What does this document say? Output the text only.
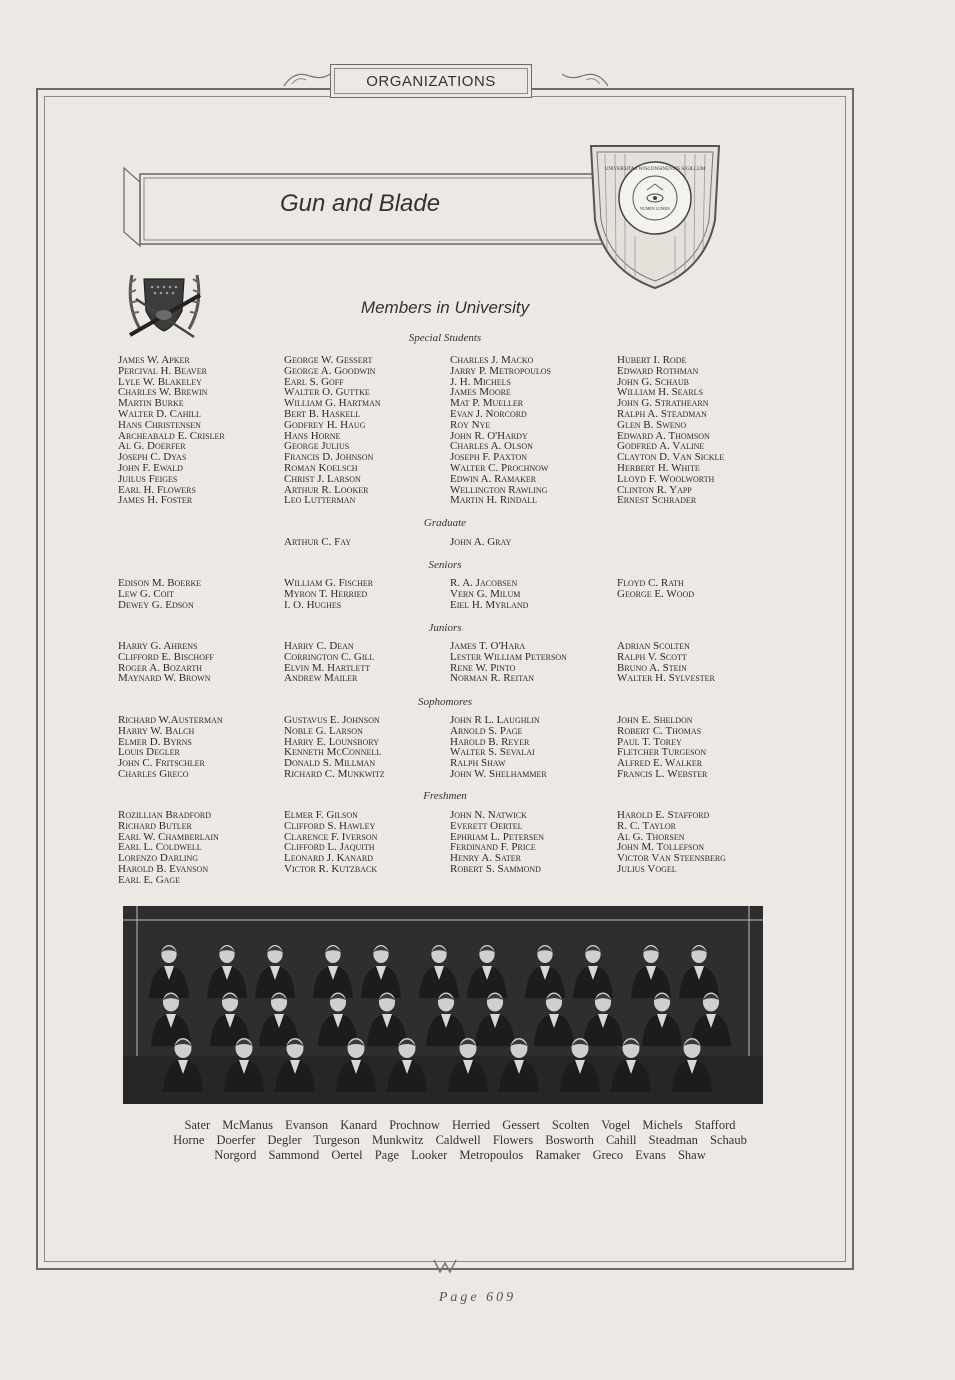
ORGANIZATIONS
Gun and Blade
UNIVERSITAS WISCONSINENSIS SIGILLUM
NUMEN LUMEN
Members in University
Special Students
Graduate
Seniors
Juniors
Sophomores
Freshmen
James W. Apker
Percival H. Beaver
Lyle W. Blakeley
Charles W. Brewin
Martin Burke
Walter D. Cahill
Hans Christensen
Archeabald E. Crisler
Al G. Doerfer
Joseph C. Dyas
John F. Ewald
Juilus Feiges
Earl H. Flowers
James H. Foster
George W. Gessert
George A. Goodwin
Earl S. Goff
Walter O. Guttke
William G. Hartman
Bert B. Haskell
Godfrey H. Haug
Hans Horne
George Julius
Francis D. Johnson
Roman Koelsch
Christ J. Larson
Arthur R. Looker
Leo Lutterman
Charles J. Macko
Jarry P. Metropoulos
J. H. Michels
James Moore
Mat P. Mueller
Evan J. Norcord
Roy Nye
John R. O'Hardy
Charles A. Olson
Joseph F. Paxton
Walter C. Prochnow
Edwin A. Ramaker
Wellington Rawling
Martin H. Rindall
Hubert I. Rode
Edward Rothman
John G. Schaub
William H. Searls
John G. Strathearn
Ralph A. Steadman
Glen B. Sweno
Edward A. Thomson
Godfred A. Valine
Clayton D. Van Sickle
Herbert H. White
Lloyd F. Woolworth
Clinton R. Yapp
Ernest Schrader
Arthur C. Fay	John A. Gray
Edison M. Boerke
Lew G. Coit
Dewey G. Edson
William G. Fischer
Myron T. Herried
I. O. Hughes
R. A. Jacobsen
Vern G. Milum
Eiel H. Myrland
Floyd C. Rath
George E. Wood
Harry G. Ahrens
Clifford E. Bischoff
Roger A. Bozarth
Maynard W. Brown
Harry C. Dean
Corrington C. Gill
Elvin M. Hartlett
Andrew Mailer
James T. O'Hara
Lester William Peterson
Rene W. Pinto
Norman R. Reitan
Adrian Scolten
Ralph V. Scott
Bruno A. Stein
Walter H. Sylvester
Richard W.Austerman
Harry W. Balch
Elmer D. Byrns
Louis Degler
John C. Fritschler
Charles Greco
Gustavus E. Johnson
Noble G. Larson
Harry E. Lounsbory
Kenneth McConnell
Donald S. Millman
Richard C. Munkwitz
John R L. Laughlin
Arnold S. Page
Harold B. Reyer
Walter S. Sevalai
Ralph Shaw
John W. Shelhammer
John E. Sheldon
Robert C. Thomas
Paul T. Torey
Fletcher Turgeson
Alfred E. Walker
Francis L. Webster
Rozillian Bradford
Richard Butler
Earl W. Chamberlain
Earl L. Coldwell
Lorenzo Darling
Harold B. Evanson
Earl E. Gage
Elmer F. Gilson
Clifford S. Hawley
Clarence F. Iverson
Clifford L. Jaquith
Leonard J. Kanard
Victor R. Kutzback
John N. Natwick
Everett Oertel
Ephriam L. Petersen
Ferdinand F. Price
Henry A. Sater
Robert S. Sammond
Harold E. Stafford
R. C. Taylor
Al G. Thorsen
John M. Tollefson
Victor Van Steensberg
Julius Vogel
Sater McManus Evanson Kanard Prochnow Herried Gessert Scolten Vogel Michels Stafford
Horne Doerfer Degler Turgeson Munkwitz Caldwell Flowers Bosworth Cahill Steadman Schaub
Norgord Sammond Oertel Page Looker Metropoulos Ramaker Greco Evans Shaw
Page 609
